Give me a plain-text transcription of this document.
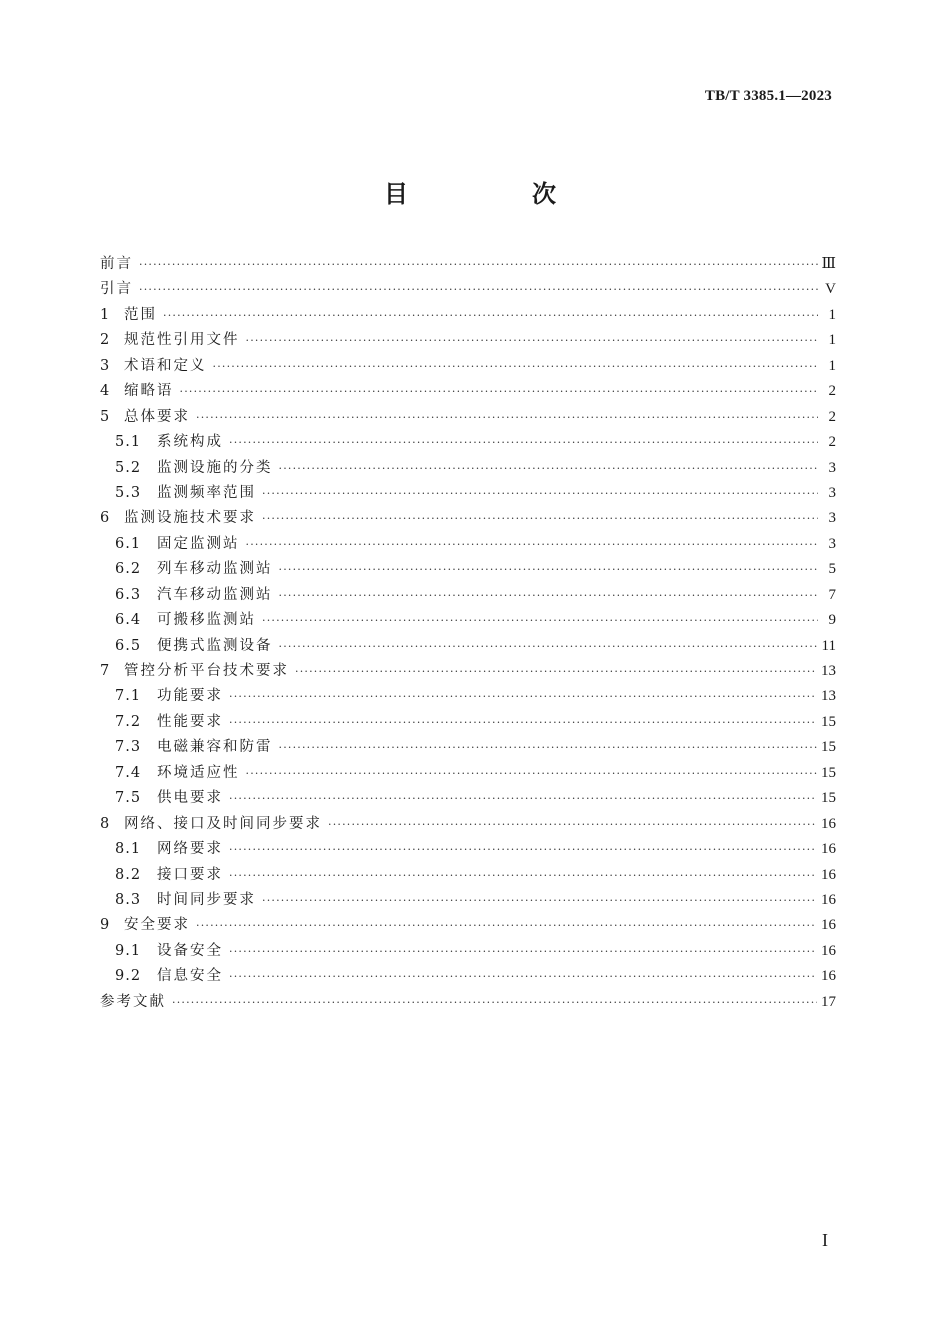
TB/T 3385.1—2023
目　次
前言 ·····	Ⅲ
引言 ·····	V
1	范围 ·····	1
2	规范性引用文件 ·····	1
3	术语和定义 ·····	1
4	缩略语 ·····	2
5	总体要求 ·····	2
5.1	系统构成 ·····	2
5.2	监测设施的分类 ·····	3
5.3	监测频率范围 ·····	3
6	监测设施技术要求 ·····	3
6.1	固定监测站 ·····	3
6.2	列车移动监测站 ·····	5
6.3	汽车移动监测站 ·····	7
6.4	可搬移监测站 ·····	9
6.5	便携式监测设备 ·····	11
7	管控分析平台技术要求 ·····	13
7.1	功能要求 ·····	13
7.2	性能要求 ·····	15
7.3	电磁兼容和防雷 ·····	15
7.4	环境适应性 ·····	15
7.5	供电要求 ·····	15
8	网络、接口及时间同步要求 ·····	16
8.1	网络要求 ·····	16
8.2	接口要求 ·····	16
8.3	时间同步要求 ·····	16
9	安全要求 ·····	16
9.1	设备安全 ·····	16
9.2	信息安全 ·····	16
参考文献 ·····	17
I
